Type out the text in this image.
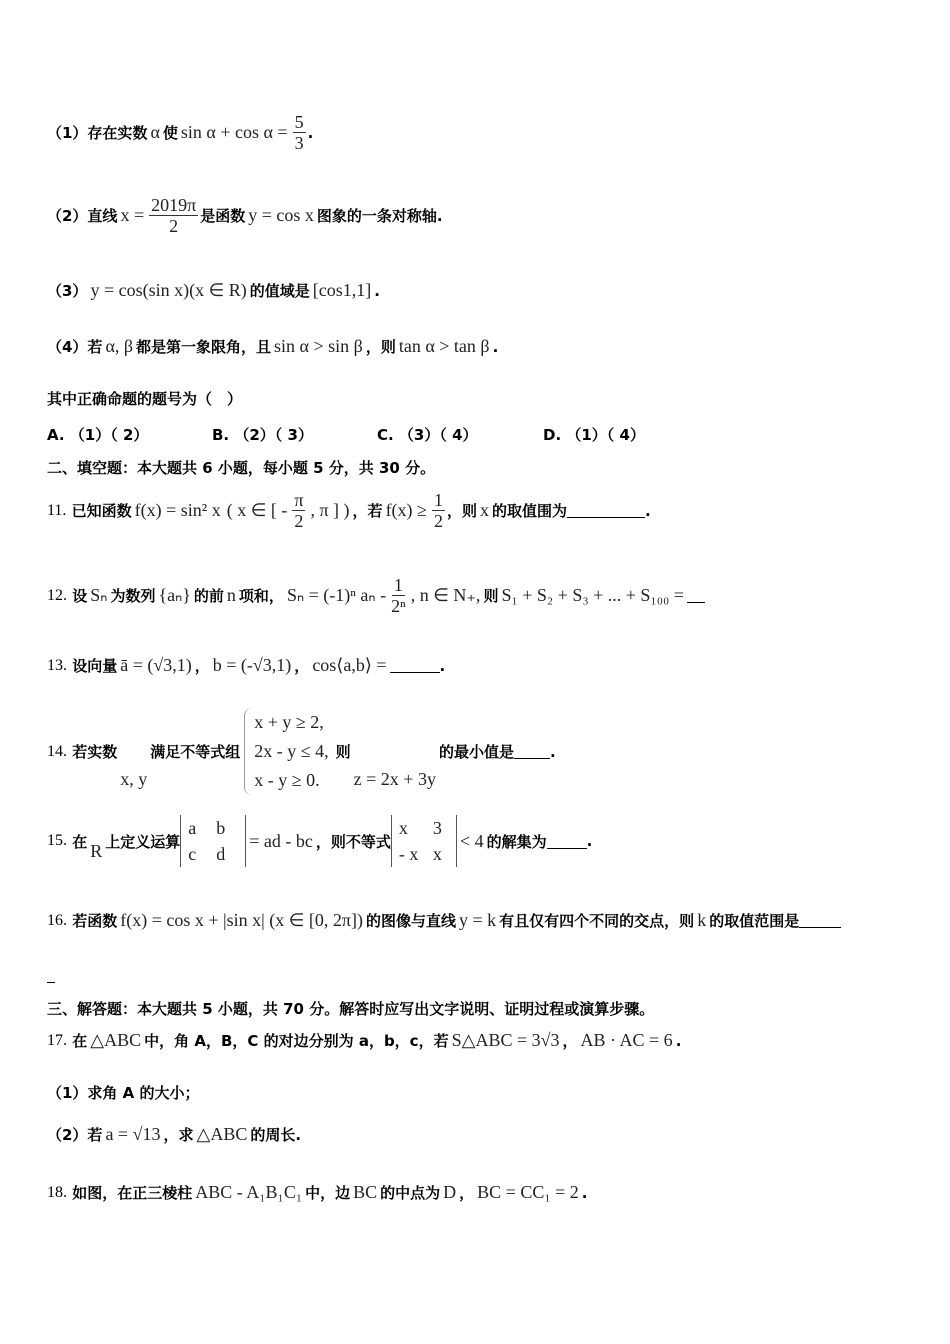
（1）存在实数 α 使 $\sin \alpha + \cos \alpha = \frac{5}{3}$ .
（2）直线 $x = \frac{2019\pi}{2}$ 是函数 y = cos x 图象的一条对称轴.
（3） y = cos(sin x)(x ∈ R) 的值域是 [cos1,1] .
（4）若 α, β 都是第一象限角，且 sin α > sin β ，则 tan α > tan β .
其中正确命题的题号为（　）
A. （1）（ 2）	B. （2）（ 3）	C. （3）（ 4）	D. （1）（ 4）
二、填空题：本大题共 6 小题，每小题 5 分，共 30 分。
11.
已知函数 f(x) = sin² x ( x ∈ [ - $\frac{\pi}{2}$ , π ] ) ，若 $f(x) \ge \frac{1}{2}$ ，则 x 的取值围为	.
12.
设 Sₙ 为数列 {aₙ} 的前 n 项和， Sₙ = (-1)ⁿ aₙ - $\frac{1}{\text{2ⁿ}}$ , n ∈ N₊, 则 S₁ + S₂ + S₃ + ... + S₁₀₀ =
13.
设向量 ā = (√3,1) ， b = (-√3,1) ， cos⟨a,b⟩ =	.
14.
若实数
x, y
满足不等式组
x + y ≥ 2,
2x - y ≤ 4,
x - y ≥ 0.
则
z = 2x + 3y
的最小值是 .
15.
在 R 上定义运算
a	b
c	d
= ad - bc ，则不等式
x	3
- x x
< 4 的解集为	.
16.
若函数 f(x) = cos x + |sin x| (x ∈ [0, 2π]) 的图像与直线 y = k 有且仅有四个不同的交点，则 k 的取值范围是
三、解答题：本大题共 5 小题，共 70 分。解答时应写出文字说明、证明过程或演算步骤。
17.
在 △ABC 中，角 A，B，C 的对边分别为 a，b，c，若 S△ABC = 3√3 ， AB · AC = 6 .
（1）求角 A 的大小；
（2）若 a = √13 ，求 △ABC 的周长.
18.
如图，在正三棱柱 ABC - A₁B₁C₁ 中，边 BC 的中点为 D ， BC = CC₁ = 2 .
